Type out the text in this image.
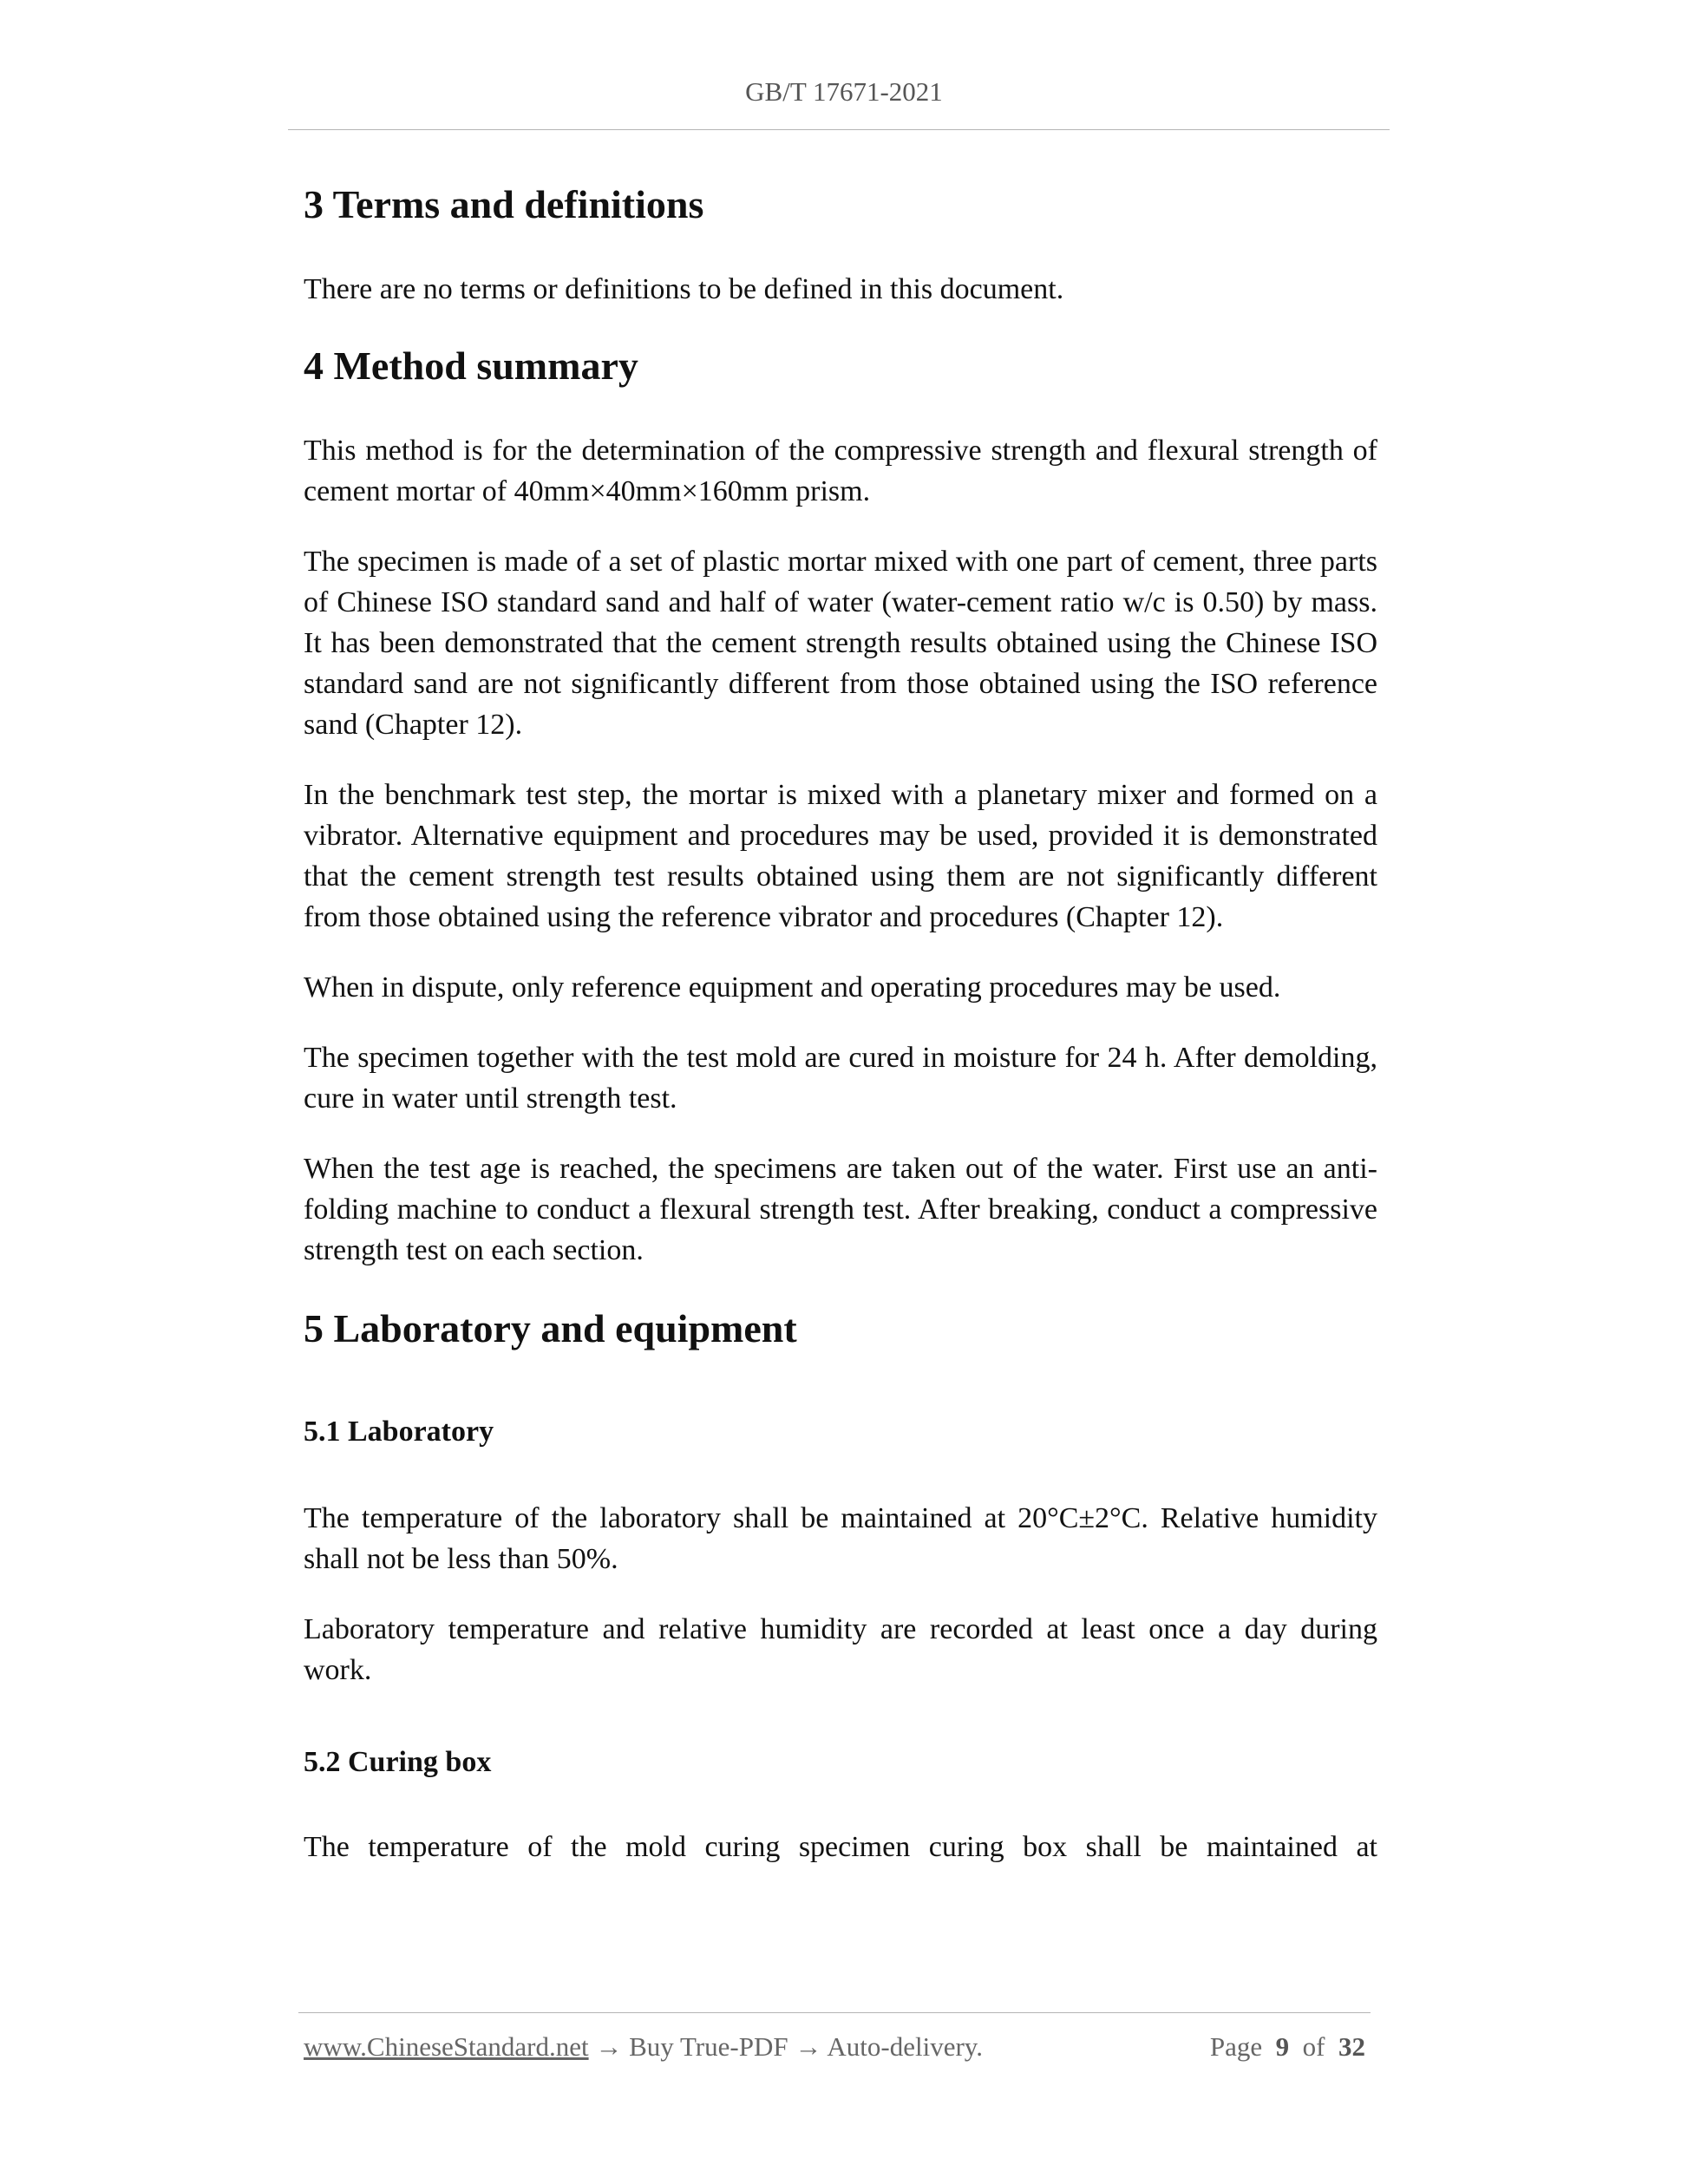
GB/T 17671-2021
3 Terms and definitions

There are no terms or definitions to be defined in this document.

4 Method summary

This method is for the determination of the compressive strength and flexural strength of cement mortar of 40mm×40mm×160mm prism.

The specimen is made of a set of plastic mortar mixed with one part of cement, three parts of Chinese ISO standard sand and half of water (water-cement ratio w/c is 0.50) by mass. It has been demonstrated that the cement strength results obtained using the Chinese ISO standard sand are not significantly different from those obtained using the ISO reference sand (Chapter 12).

In the benchmark test step, the mortar is mixed with a planetary mixer and formed on a vibrator. Alternative equipment and procedures may be used, provided it is demonstrated that the cement strength test results obtained using them are not significantly different from those obtained using the reference vibrator and procedures (Chapter 12).

When in dispute, only reference equipment and operating procedures may be used.

The specimen together with the test mold are cured in moisture for 24 h. After demolding, cure in water until strength test.

When the test age is reached, the specimens are taken out of the water. First use an anti-folding machine to conduct a flexural strength test. After breaking, conduct a compressive strength test on each section.

5 Laboratory and equipment
5.1 Laboratory

The temperature of the laboratory shall be maintained at 20°C±2°C. Relative humidity shall not be less than 50%.

Laboratory temperature and relative humidity are recorded at least once a day during work.

5.2 Curing box

The temperature of the mold curing specimen curing box shall be maintained at

www.ChineseStandard.net → Buy True-PDF → Auto-delivery.	Page 9 of 32
